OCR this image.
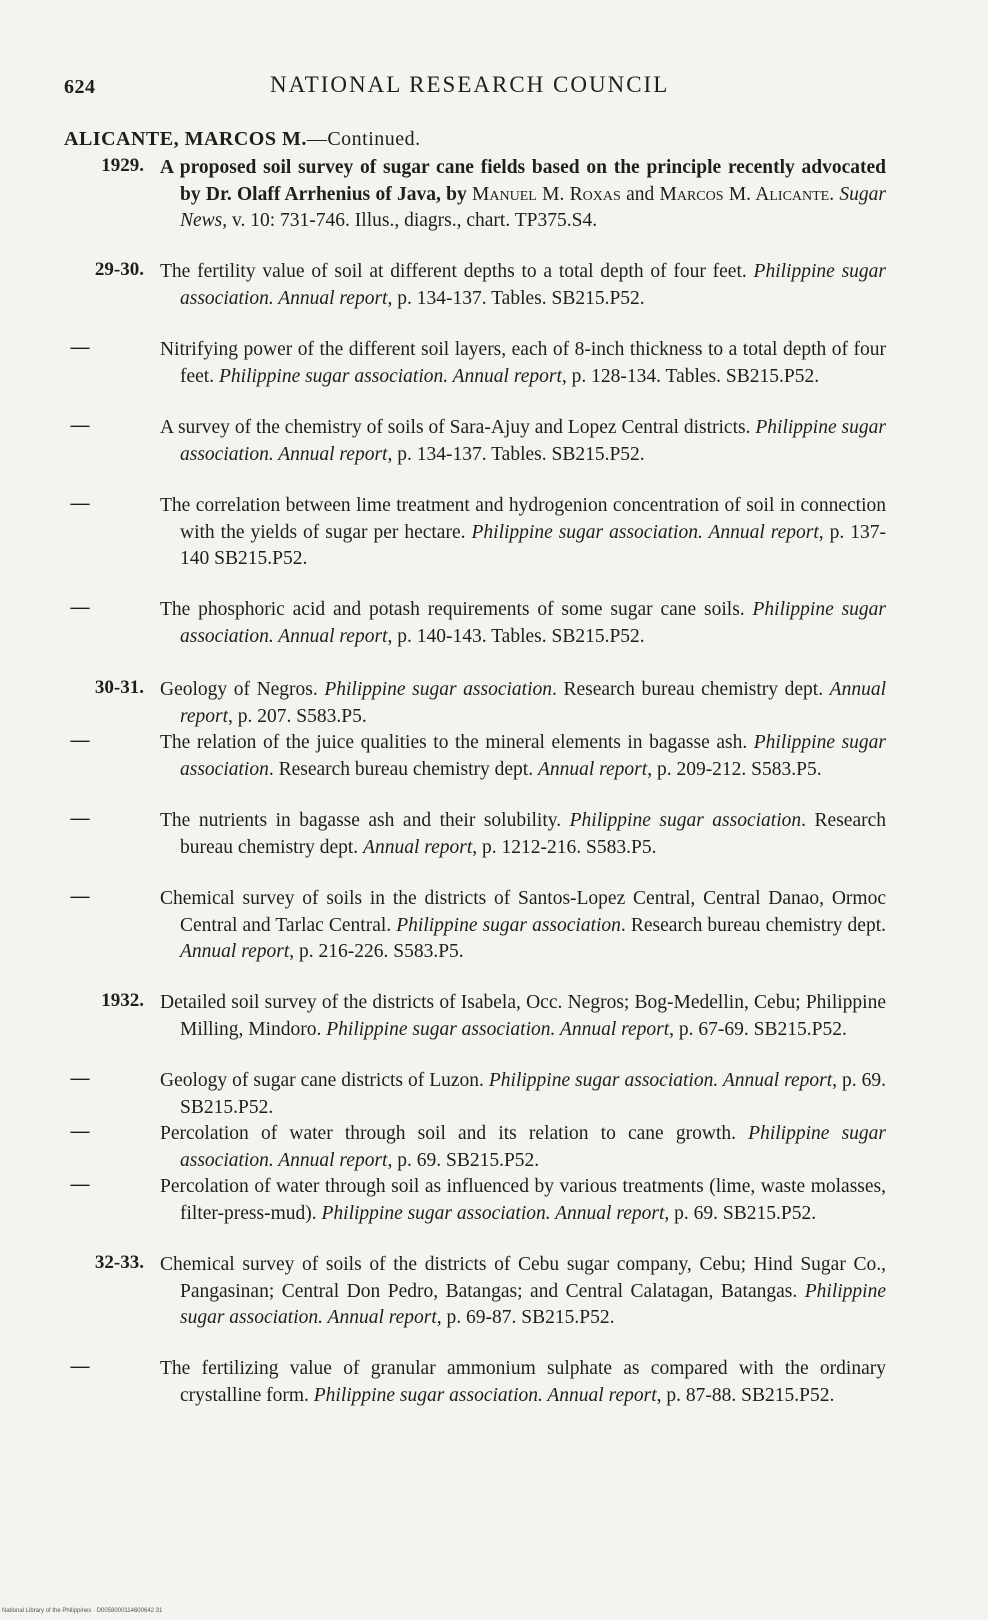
624	NATIONAL RESEARCH COUNCIL
ALICANTE, MARCOS M.—Continued.
1929. A proposed soil survey of sugar cane fields based on the principle recently advocated by Dr. Olaff Arrhenius of Java, by Manuel M. Roxas and Marcos M. Alicante. Sugar News, v. 10: 731-746. Illus., diagrs., chart. TP375.S4.
29-30. The fertility value of soil at different depths to a total depth of four feet. Philippine sugar association. Annual report, p. 134-137. Tables. SB215.P52.
—	Nitrifying power of the different soil layers, each of 8-inch thickness to a total depth of four feet. Philippine sugar association. Annual report, p. 128-134. Tables. SB215.P52.
—	A survey of the chemistry of soils of Sara-Ajuy and Lopez Central districts. Philippine sugar association. Annual report, p. 134-137. Tables. SB215.P52.
—	The correlation between lime treatment and hydrogenion concentration of soil in connection with the yields of sugar per hectare. Philippine sugar association. Annual report, p. 137-140 SB215.P52.
—	The phosphoric acid and potash requirements of some sugar cane soils. Philippine sugar association. Annual report, p. 140-143. Tables. SB215.P52.
30-31. Geology of Negros. Philippine sugar association. Research bureau chemistry dept. Annual report, p. 207. S583.P5.
—	The relation of the juice qualities to the mineral elements in bagasse ash. Philippine sugar association. Research bureau chemistry dept. Annual report, p. 209-212. S583.P5.
—	The nutrients in bagasse ash and their solubility. Philippine sugar association. Research bureau chemistry dept. Annual report, p. 1212-216. S583.P5.
—	Chemical survey of soils in the districts of Santos-Lopez Central, Central Danao, Ormoc Central and Tarlac Central. Philippine sugar association. Research bureau chemistry dept. Annual report, p. 216-226. S583.P5.
1932. Detailed soil survey of the districts of Isabela, Occ. Negros; Bog-Medellin, Cebu; Philippine Milling, Mindoro. Philippine sugar association. Annual report, p. 67-69. SB215.P52.
—	Geology of sugar cane districts of Luzon. Philippine sugar association. Annual report, p. 69. SB215.P52.
—	Percolation of water through soil and its relation to cane growth. Philippine sugar association. Annual report, p. 69. SB215.P52.
—	Percolation of water through soil as influenced by various treatments (lime, waste molasses, filter-press-mud). Philippine sugar association. Annual report, p. 69. SB215.P52.
32-33. Chemical survey of soils of the districts of Cebu sugar company, Cebu; Hind Sugar Co., Pangasinan; Central Don Pedro, Batangas; and Central Calatagan, Batangas. Philippine sugar association. Annual report, p. 69-87. SB215.P52.
—	The fertilizing value of granular ammonium sulphate as compared with the ordinary crystalline form. Philippine sugar association. Annual report, p. 87-88. SB215.P52.
National Library of the Philippines · D0058000114600642 31
